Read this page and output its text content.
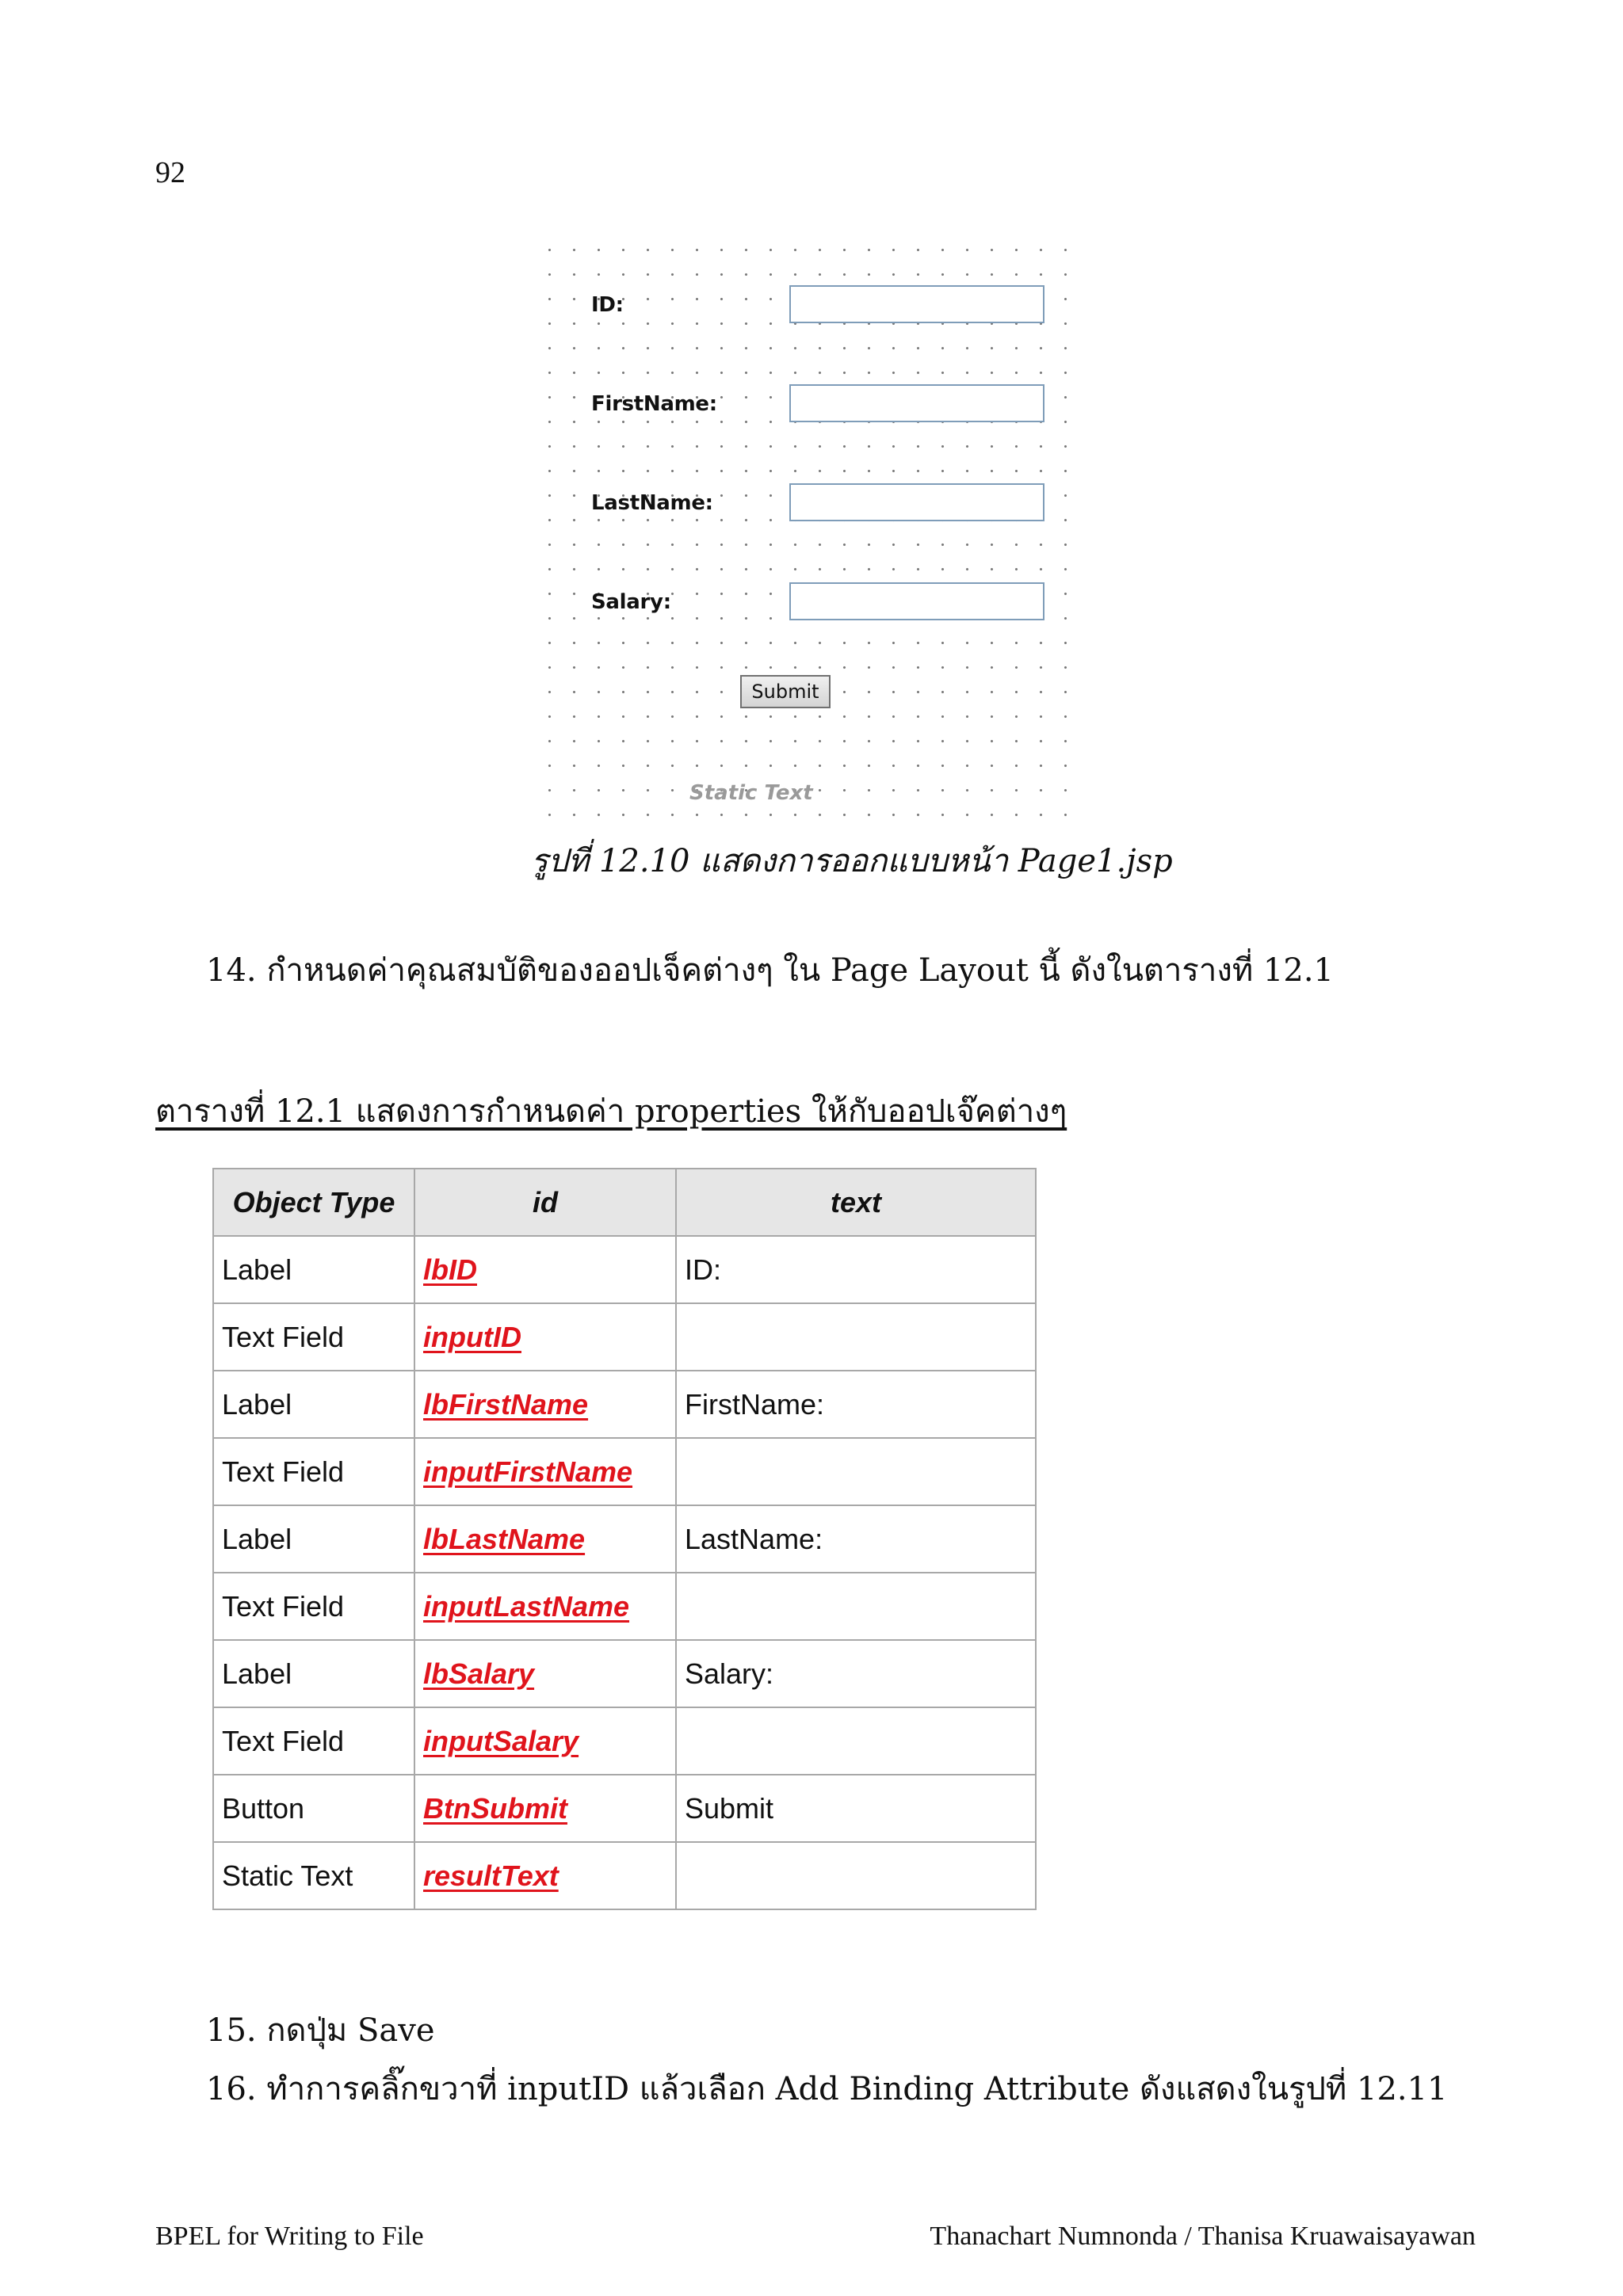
92
ID:
FirstName:
LastName:
Salary:
Submit
Static Text
รูปที่ 12.10 แสดงการออกแบบหน้า Page1.jsp
14. กำหนดค่าคุณสมบัติของออปเจ็คต่างๆ ใน Page Layout นี้ ดังในตารางที่ 12.1
ตารางที่ 12.1 แสดงการกำหนดค่า properties ให้กับออปเจ๊คต่างๆ
Object Type	id	text
Label	lbID	ID:
Text Field	inputID	
Label	lbFirstName	FirstName:
Text Field	inputFirstName	
Label	lbLastName	LastName:
Text Field	inputLastName	
Label	lbSalary	Salary:
Text Field	inputSalary	
Button	BtnSubmit	Submit
Static Text	resultText	
15. กดปุ่ม Save
16. ทำการคลิ๊กขวาที่ inputID แล้วเลือก Add Binding Attribute ดังแสดงในรูปที่ 12.11
BPEL for Writing to File	Thanachart Numnonda / Thanisa Kruawaisayawan
